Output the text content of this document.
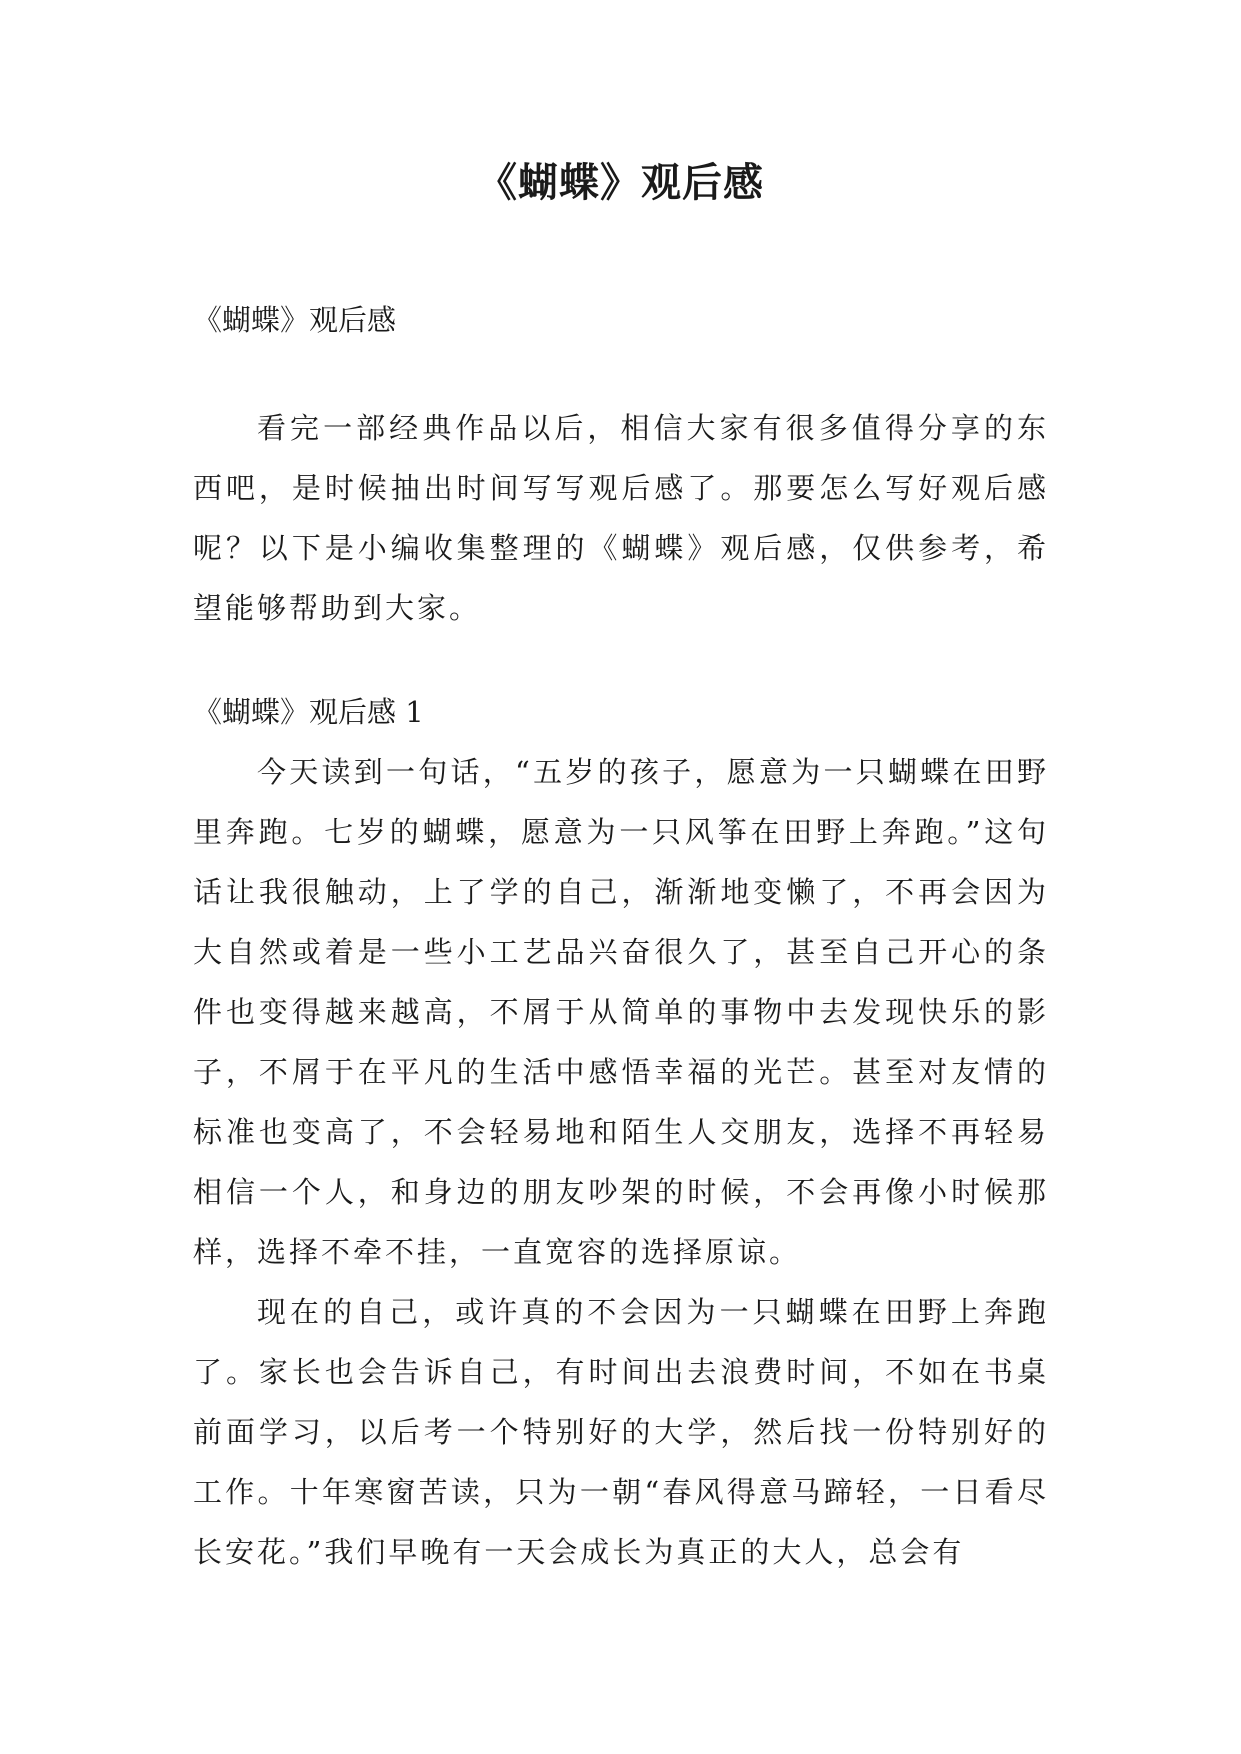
《蝴蝶》观后感

《蝴蝶》观后感

看完一部经典作品以后，相信大家有很多值得分享的东西吧，是时候抽出时间写写观后感了。那要怎么写好观后感呢？以下是小编收集整理的《蝴蝶》观后感，仅供参考，希望能够帮助到大家。

《蝴蝶》观后感 1

今天读到一句话，“五岁的孩子，愿意为一只蝴蝶在田野里奔跑。七岁的蝴蝶，愿意为一只风筝在田野上奔跑。”这句话让我很触动，上了学的自己，渐渐地变懒了，不再会因为大自然或着是一些小工艺品兴奋很久了，甚至自己开心的条件也变得越来越高，不屑于从简单的事物中去发现快乐的影子，不屑于在平凡的生活中感悟幸福的光芒。甚至对友情的标准也变高了，不会轻易地和陌生人交朋友，选择不再轻易相信一个人，和身边的朋友吵架的时候，不会再像小时候那样，选择不牵不挂，一直宽容的选择原谅。

现在的自己，或许真的不会因为一只蝴蝶在田野上奔跑了。家长也会告诉自己，有时间出去浪费时间，不如在书桌前面学习，以后考一个特别好的大学，然后找一份特别好的工作。十年寒窗苦读，只为一朝“春风得意马蹄轻，一日看尽长安花。”我们早晚有一天会成长为真正的大人，总会有
